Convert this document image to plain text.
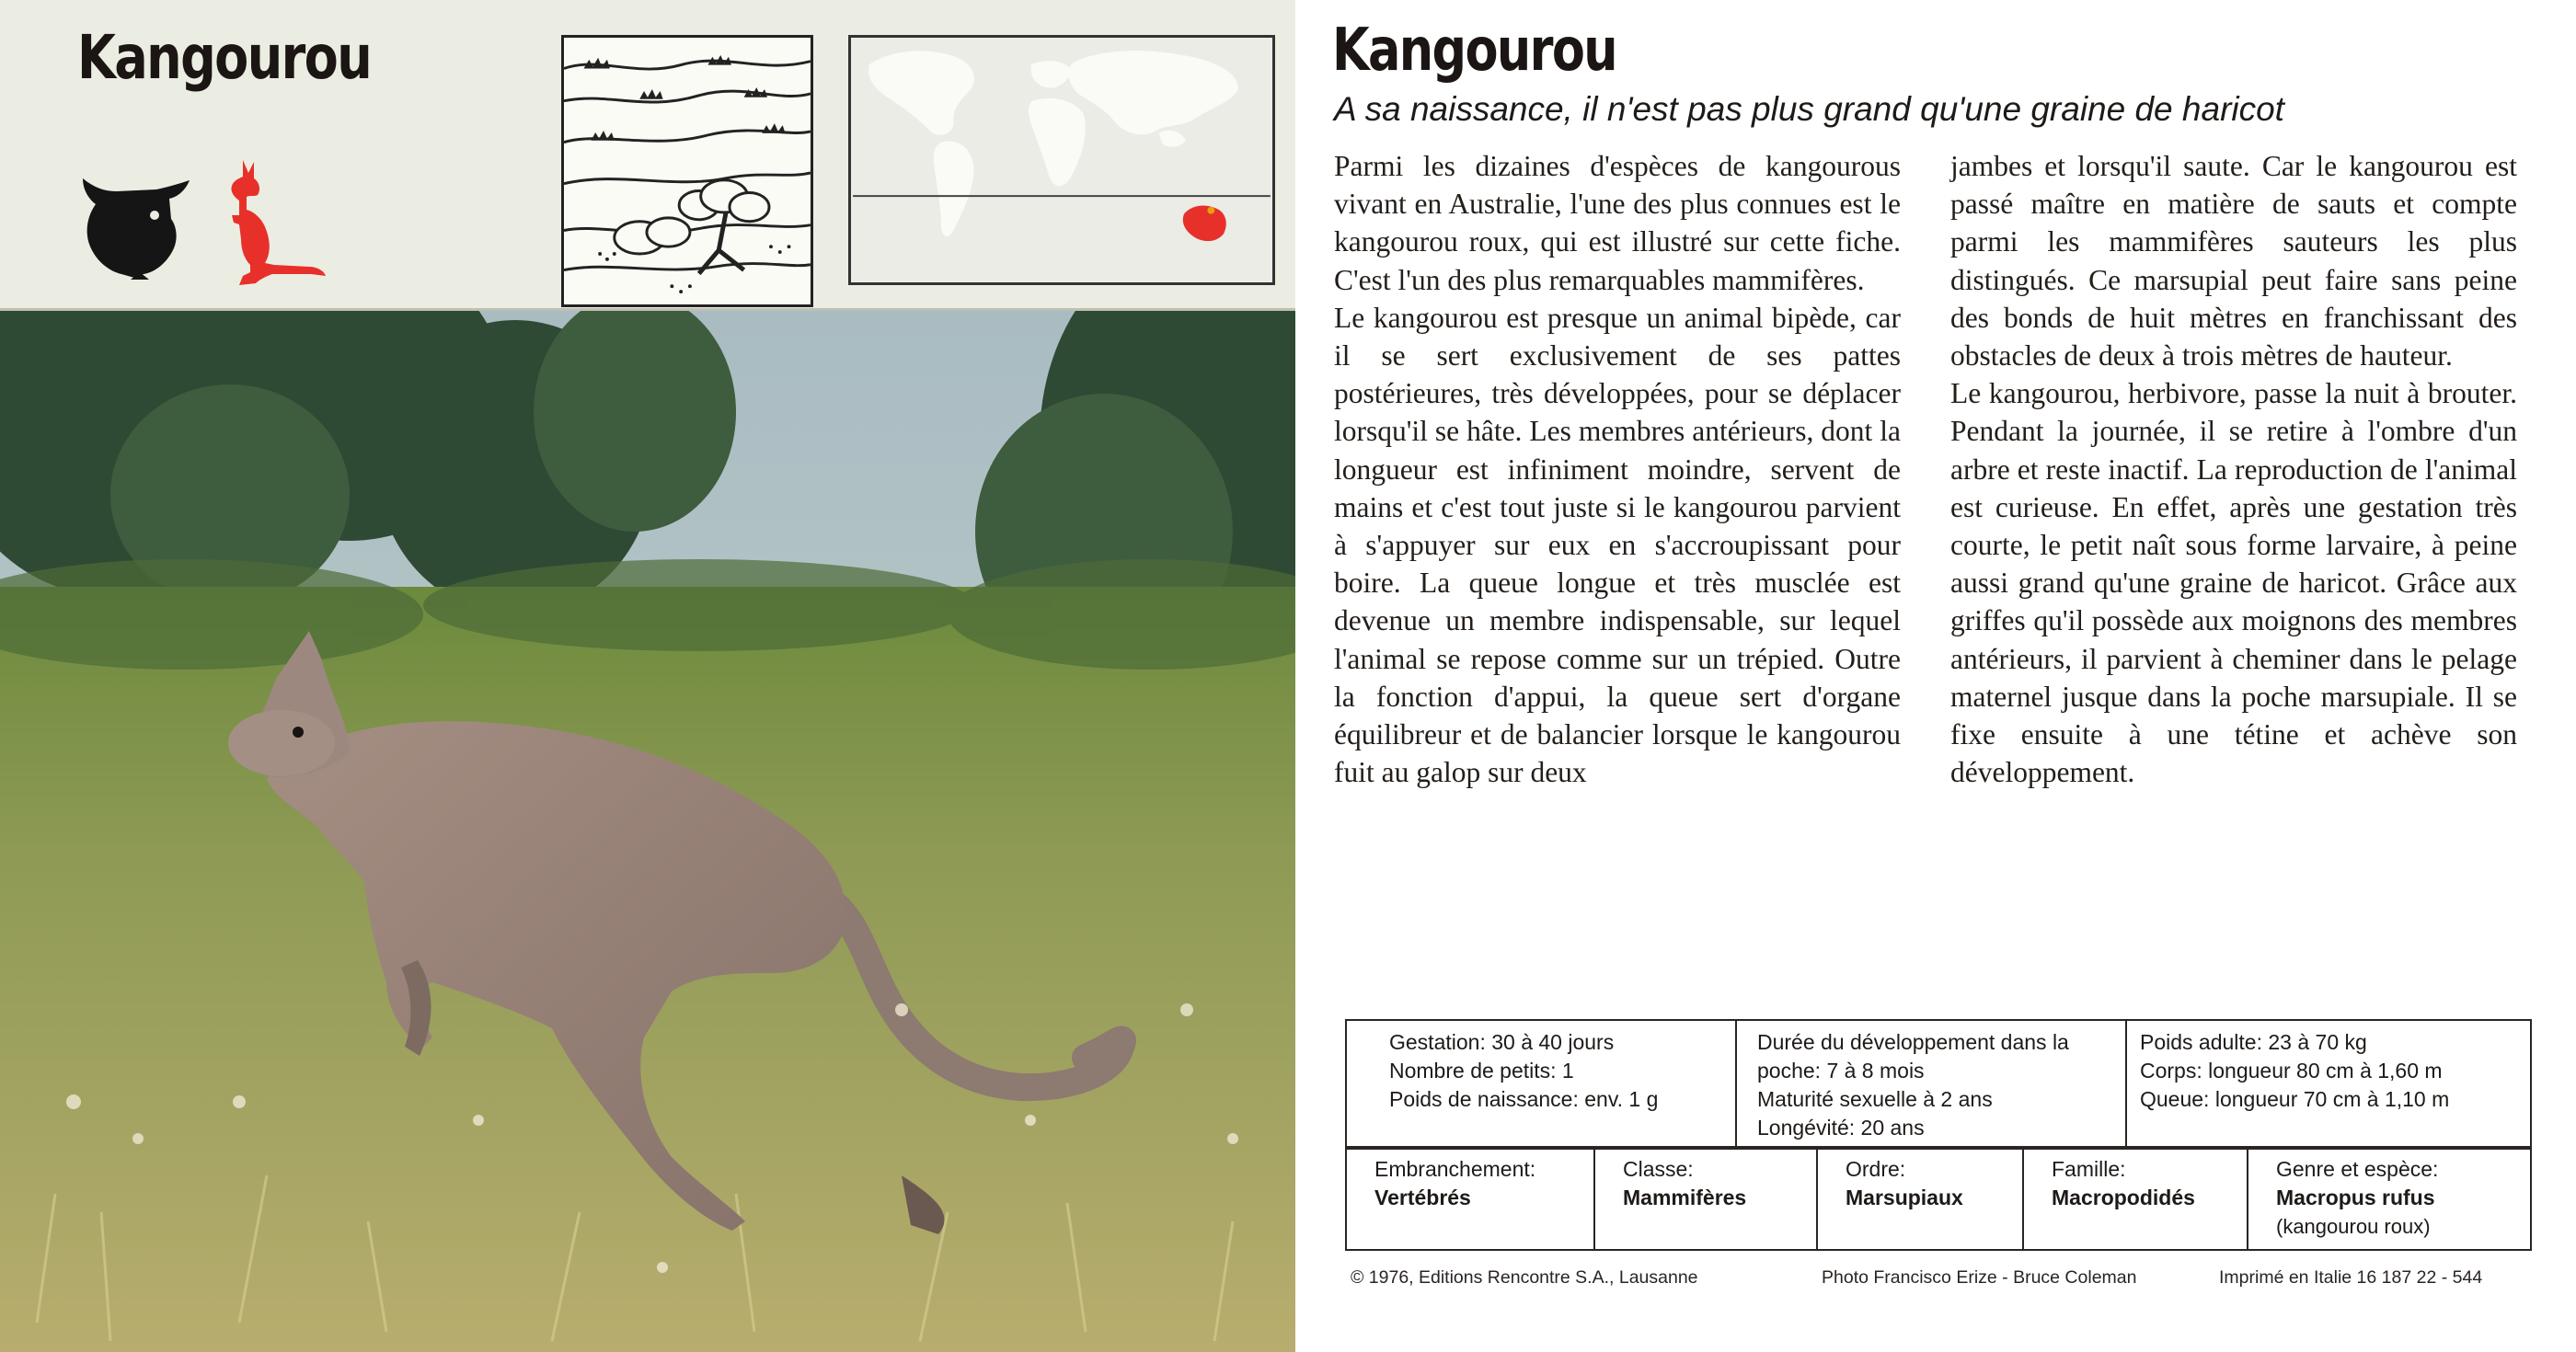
Kangourou	Kangourou
A sa naissance, il n'est pas plus grand qu'une graine de haricot

Parmi les dizaines d'espèces de kangourous vivant en Australie, l'une des plus connues est le kangourou roux, qui est illustré sur cette fiche. C'est l'un des plus remarquables mammifères.

Le kangourou est presque un animal bipède, car il se sert exclusivement de ses pattes postérieures, très développées, pour se déplacer lorsqu'il se hâte. Les membres antérieurs, dont la longueur est infiniment moindre, servent de mains et c'est tout juste si le kangourou parvient à s'appuyer sur eux en s'accroupissant pour boire. La queue longue et très musclée est devenue un membre indispensable, sur lequel l'animal se repose comme sur un trépied. Outre la fonction d'appui, la queue sert d'organe équilibreur et de balancier lorsque le kangourou fuit au galop sur deux

jambes et lorsqu'il saute. Car le kangourou est passé maître en matière de sauts et compte parmi les mammifères sauteurs les plus distingués. Ce marsupial peut faire sans peine des bonds de huit mètres en franchissant des obstacles de deux à trois mètres de hauteur.

Le kangourou, herbivore, passe la nuit à brouter. Pendant la journée, il se retire à l'ombre d'un arbre et reste inactif. La reproduction de l'animal est curieuse. En effet, après une gestation très courte, le petit naît sous forme larvaire, à peine aussi grand qu'une graine de haricot. Grâce aux griffes qu'il possède aux moignons des membres antérieurs, il parvient à cheminer dans le pelage maternel jusque dans la poche marsupiale. Il se fixe ensuite à une tétine et achève son développement.

Gestation: 30 à 40 jours
Nombre de petits: 1
Poids de naissance: env. 1 g

Durée du développement dans la poche: 7 à 8 mois
Maturité sexuelle à 2 ans
Longévité: 20 ans

Poids adulte: 23 à 70 kg
Corps: longueur 80 cm à 1,60 m
Queue: longueur 70 cm à 1,10 m
Embranchement:
Vertébrés

Classe:
Mammifères

Ordre:
Marsupiaux

Famille:
Macropodidés

Genre et espèce:
Macropus rufus
(kangourou roux)
© 1976, Editions Rencontre S.A., Lausanne	Photo Francisco Erize - Bruce Coleman	Imprimé en Italie 16 187 22 - 544
